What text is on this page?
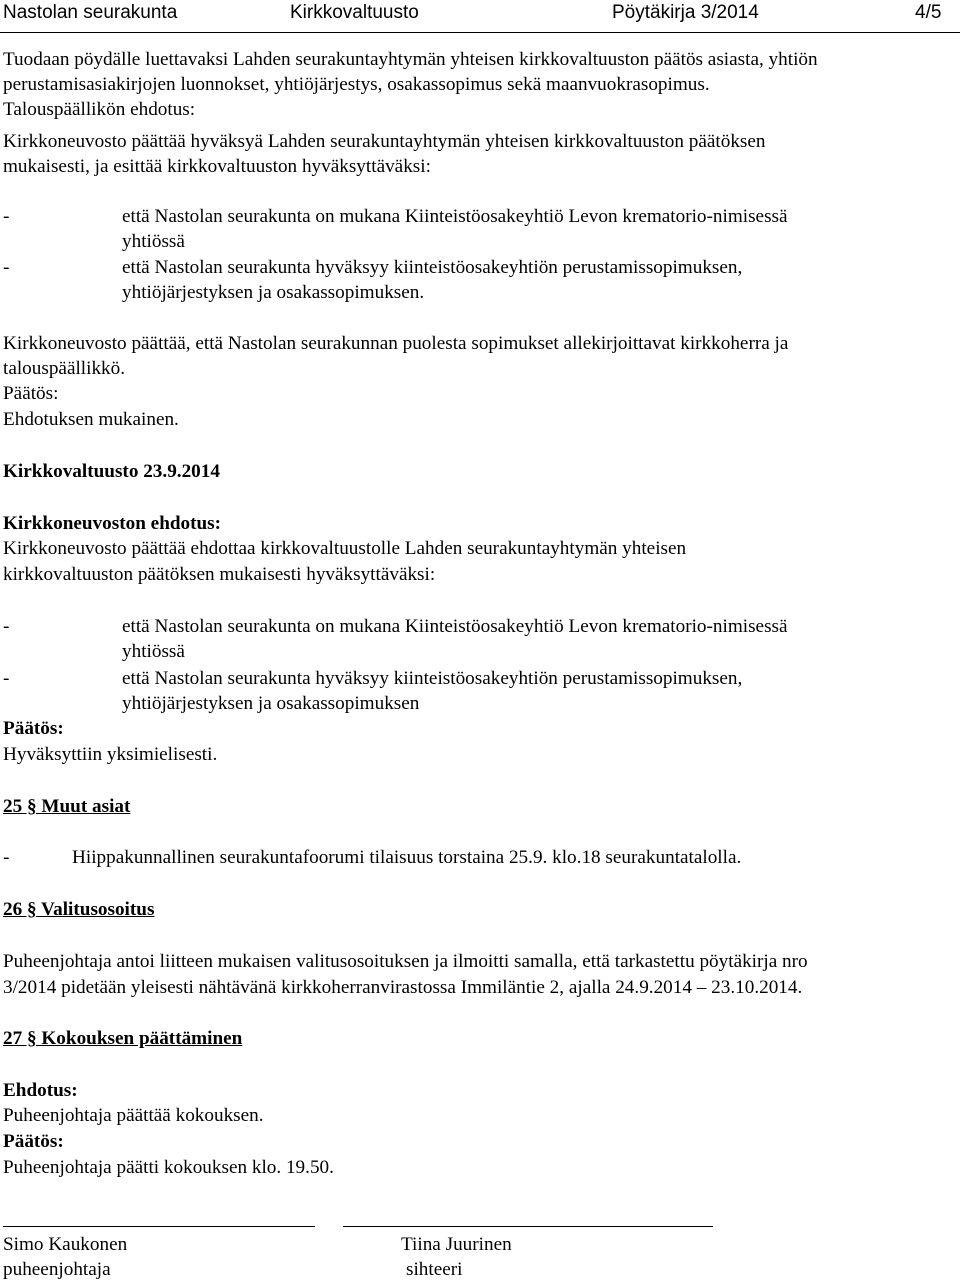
Nastolan seurakunta	Kirkkovaltuusto	Pöytäkirja 3/2014	4/5
Tuodaan pöydälle luettavaksi Lahden seurakuntayhtymän yhteisen kirkkovaltuuston päätös asiasta, yhtiön
perustamisasiakirjojen luonnokset, yhtiöjärjestys, osakassopimus sekä maanvuokrasopimus.
Talouspäällikön ehdotus:
Kirkkoneuvosto päättää hyväksyä Lahden seurakuntayhtymän yhteisen kirkkovaltuuston päätöksen
mukaisesti, ja esittää kirkkovaltuuston hyväksyttäväksi:
-	että Nastolan seurakunta on mukana Kiinteistöosakeyhtiö Levon krematorio-nimisessä
yhtiössä
-	että Nastolan seurakunta hyväksyy kiinteistöosakeyhtiön perustamissopimuksen,
yhtiöjärjestyksen ja osakassopimuksen.
Kirkkoneuvosto päättää, että Nastolan seurakunnan puolesta sopimukset allekirjoittavat kirkkoherra ja
talouspäällikkö.
Päätös:
Ehdotuksen mukainen.
Kirkkovaltuusto 23.9.2014
Kirkkoneuvoston ehdotus:
Kirkkoneuvosto päättää ehdottaa kirkkovaltuustolle Lahden seurakuntayhtymän yhteisen
kirkkovaltuuston päätöksen mukaisesti hyväksyttäväksi:
-	että Nastolan seurakunta on mukana Kiinteistöosakeyhtiö Levon krematorio-nimisessä
yhtiössä
-	että Nastolan seurakunta hyväksyy kiinteistöosakeyhtiön perustamissopimuksen,
yhtiöjärjestyksen ja osakassopimuksen
Päätös:
Hyväksyttiin yksimielisesti.
25 § Muut asiat
-	Hiippakunnallinen seurakuntafoorumi tilaisuus torstaina 25.9. klo.18 seurakuntatalolla.
26 § Valitusosoitus
Puheenjohtaja antoi liitteen mukaisen valitusosoituksen ja ilmoitti samalla, että tarkastettu pöytäkirja nro
3/2014 pidetään yleisesti nähtävänä kirkkoherranvirastossa Immiläntie 2, ajalla 24.9.2014 – 23.10.2014.
27 § Kokouksen päättäminen
Ehdotus:
Puheenjohtaja päättää kokouksen.
Päätös:
Puheenjohtaja päätti kokouksen klo. 19.50.
Simo Kaukonen
puheenjohtaja
Tiina Juurinen
sihteeri
